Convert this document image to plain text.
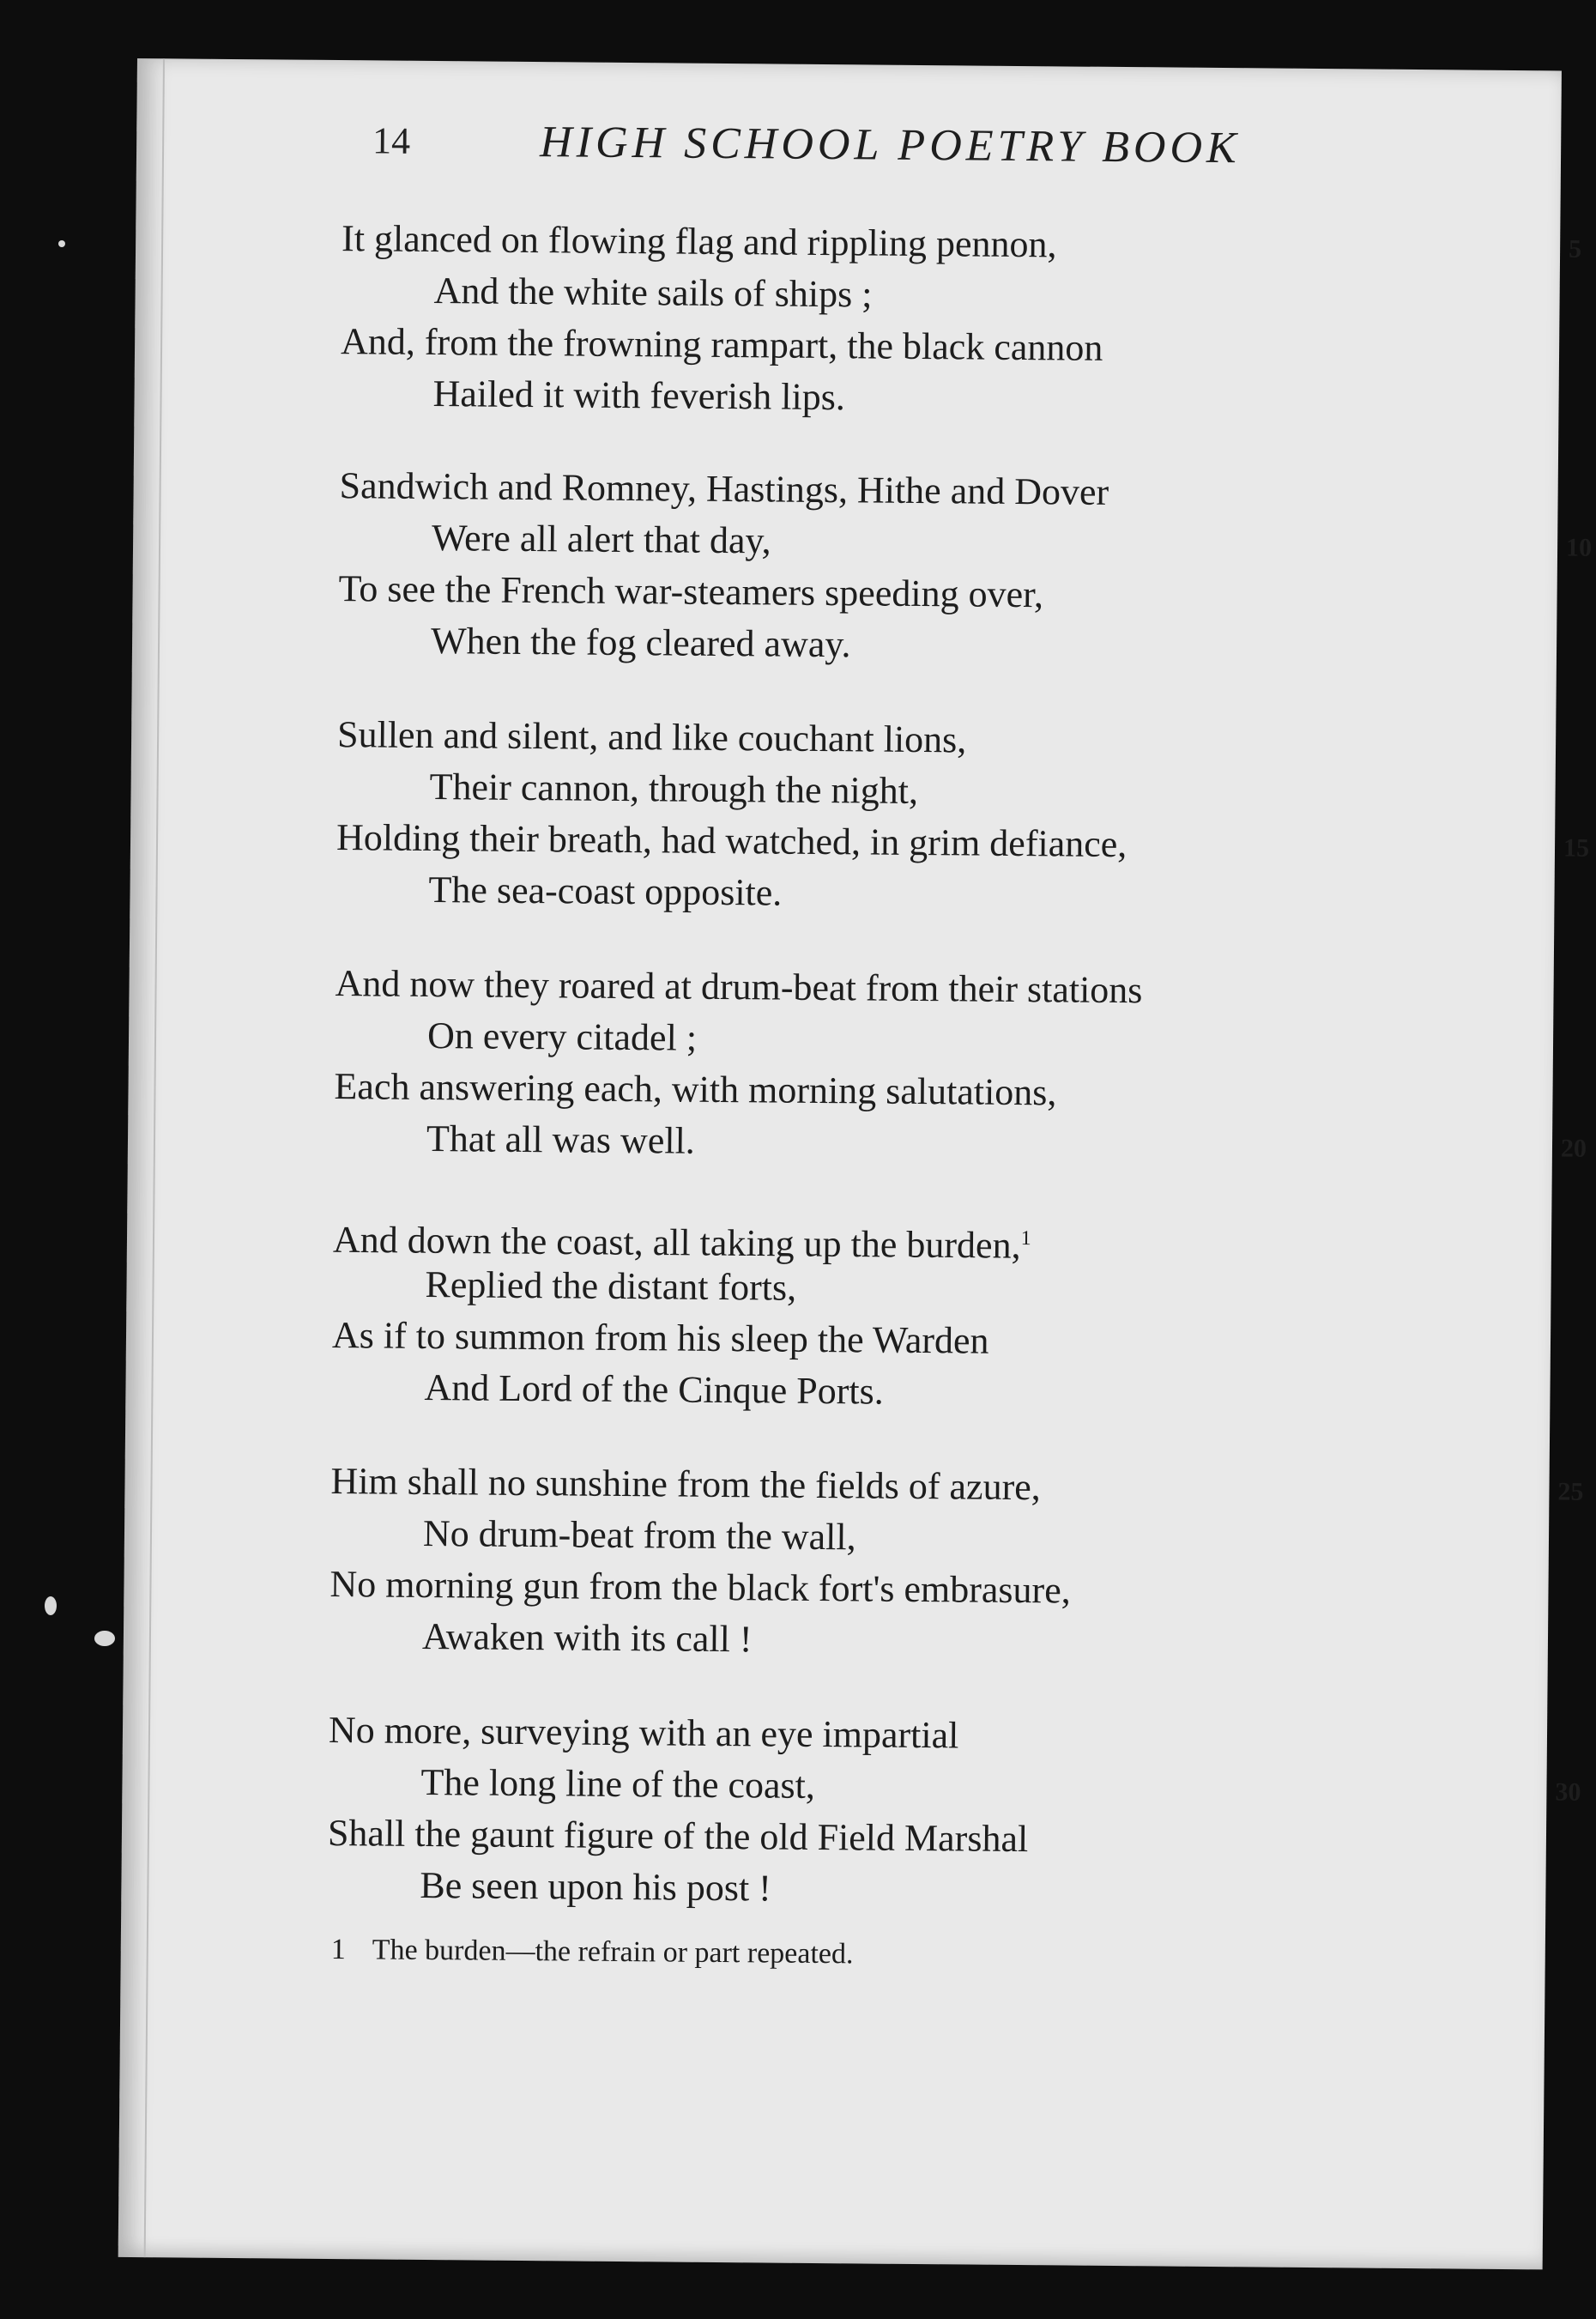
14	HIGH SCHOOL POETRY BOOK
It glanced on flowing flag and rippling pennon,	5
And the white sails of ships ;
And, from the frowning rampart, the black cannon
Hailed it with feverish lips.
Sandwich and Romney, Hastings, Hithe and Dover
Were all alert that day,	10
To see the French war-steamers speeding over,
When the fog cleared away.
Sullen and silent, and like couchant lions,
Their cannon, through the night,
Holding their breath, had watched, in grim defiance,	15
The sea-coast opposite.
And now they roared at drum-beat from their stations
On every citadel ;
Each answering each, with morning salutations,
That all was well.	20
And down the coast, all taking up the burden,$^1$
Replied the distant forts,
As if to summon from his sleep the Warden
And Lord of the Cinque Ports.
Him shall no sunshine from the fields of azure,	25
No drum-beat from the wall,
No morning gun from the black fort's embrasure,
Awaken with its call !
No more, surveying with an eye impartial
The long line of the coast,	30
Shall the gaunt figure of the old Field Marshal
Be seen upon his post !
1 The burden—the refrain or part repeated.
